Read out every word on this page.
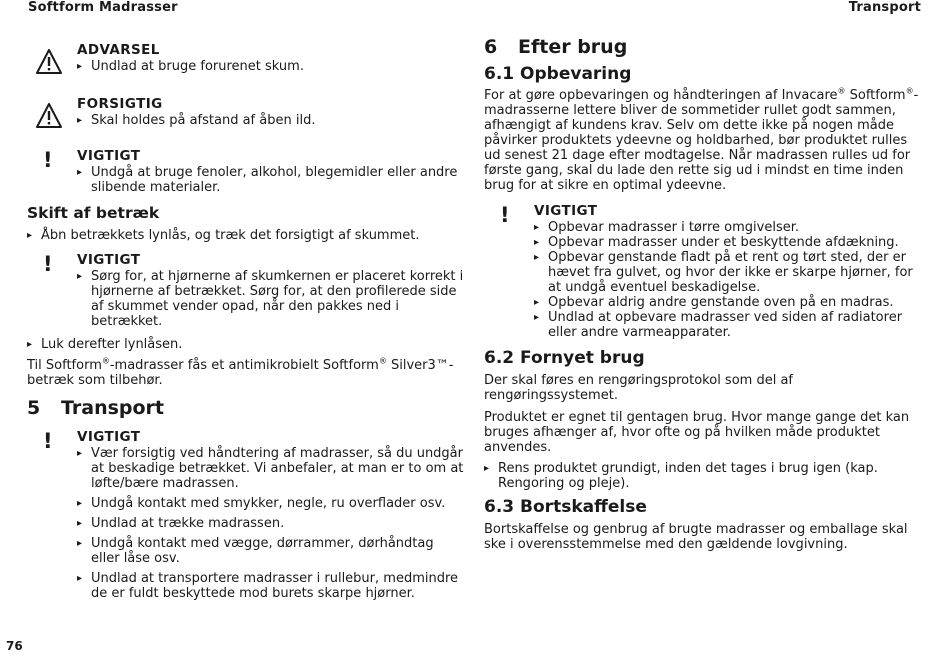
Softform Madrasser	Transport
ADVARSEL
▸ Undlad at bruge forurenet skum.
FORSIGTIG
▸ Skal holdes på afstand af åben ild.
! VIGTIGT
▸ Undgå at bruge fenoler, alkohol, blegemidler eller andre slibende materialer.
Skift af betræk
▸ Åbn betrækkets lynlås, og træk det forsigtigt af skummet.
! VIGTIGT
▸ Sørg for, at hjørnerne af skumkernen er placeret korrekt i hjørnerne af betrækket. Sørg for, at den profilerede side af skummet vender opad, når den pakkes ned i betrækket.
▸ Luk derefter lynlåsen.

Til Softform®-madrasser fås et antimikrobielt Softform® Silver3™-betræk som tilbehør.

5 Transport
! VIGTIGT
▸ Vær forsigtig ved håndtering af madrasser, så du undgår at beskadige betrækket. Vi anbefaler, at man er to om at løfte/bære madrassen.
▸ Undgå kontakt med smykker, negle, ru overflader osv.
▸ Undlad at trække madrassen.
▸ Undgå kontakt med vægge, dørrammer, dørhåndtag eller låse osv.
▸ Undlad at transportere madrasser i rullebur, medmindre de er fuldt beskyttede mod burets skarpe hjørner.
6 Efter brug
6.1 Opbevaring

For at gøre opbevaringen og håndteringen af Invacare® Softform®-madrasserne lettere bliver de sommetider rullet godt sammen, afhængigt af kundens krav. Selv om dette ikke på nogen måde påvirker produktets ydeevne og holdbarhed, bør produktet rulles ud senest 21 dage efter modtagelse. Når madrassen rulles ud for første gang, skal du lade den rette sig ud i mindst en time inden brug for at sikre en optimal ydeevne.

! VIGTIGT
▸ Opbevar madrasser i tørre omgivelser.
▸ Opbevar madrasser under et beskyttende afdækning.
▸ Opbevar genstande fladt på et rent og tørt sted, der er hævet fra gulvet, og hvor der ikke er skarpe hjørner, for at undgå eventuel beskadigelse.
▸ Opbevar aldrig andre genstande oven på en madras.
▸ Undlad at opbevare madrasser ved siden af radiatorer eller andre varmeapparater.
6.2 Fornyet brug

Der skal føres en rengøringsprotokol som del af rengøringssystemet.

Produktet er egnet til gentagen brug. Hvor mange gange det kan bruges afhænger af, hvor ofte og på hvilken måde produktet anvendes.

▸ Rens produktet grundigt, inden det tages i brug igen (kap. Rengoring og pleje).
6.3 Bortskaffelse

Bortskaffelse og genbrug af brugte madrasser og emballage skal ske i overensstemmelse med den gældende lovgivning.

76
